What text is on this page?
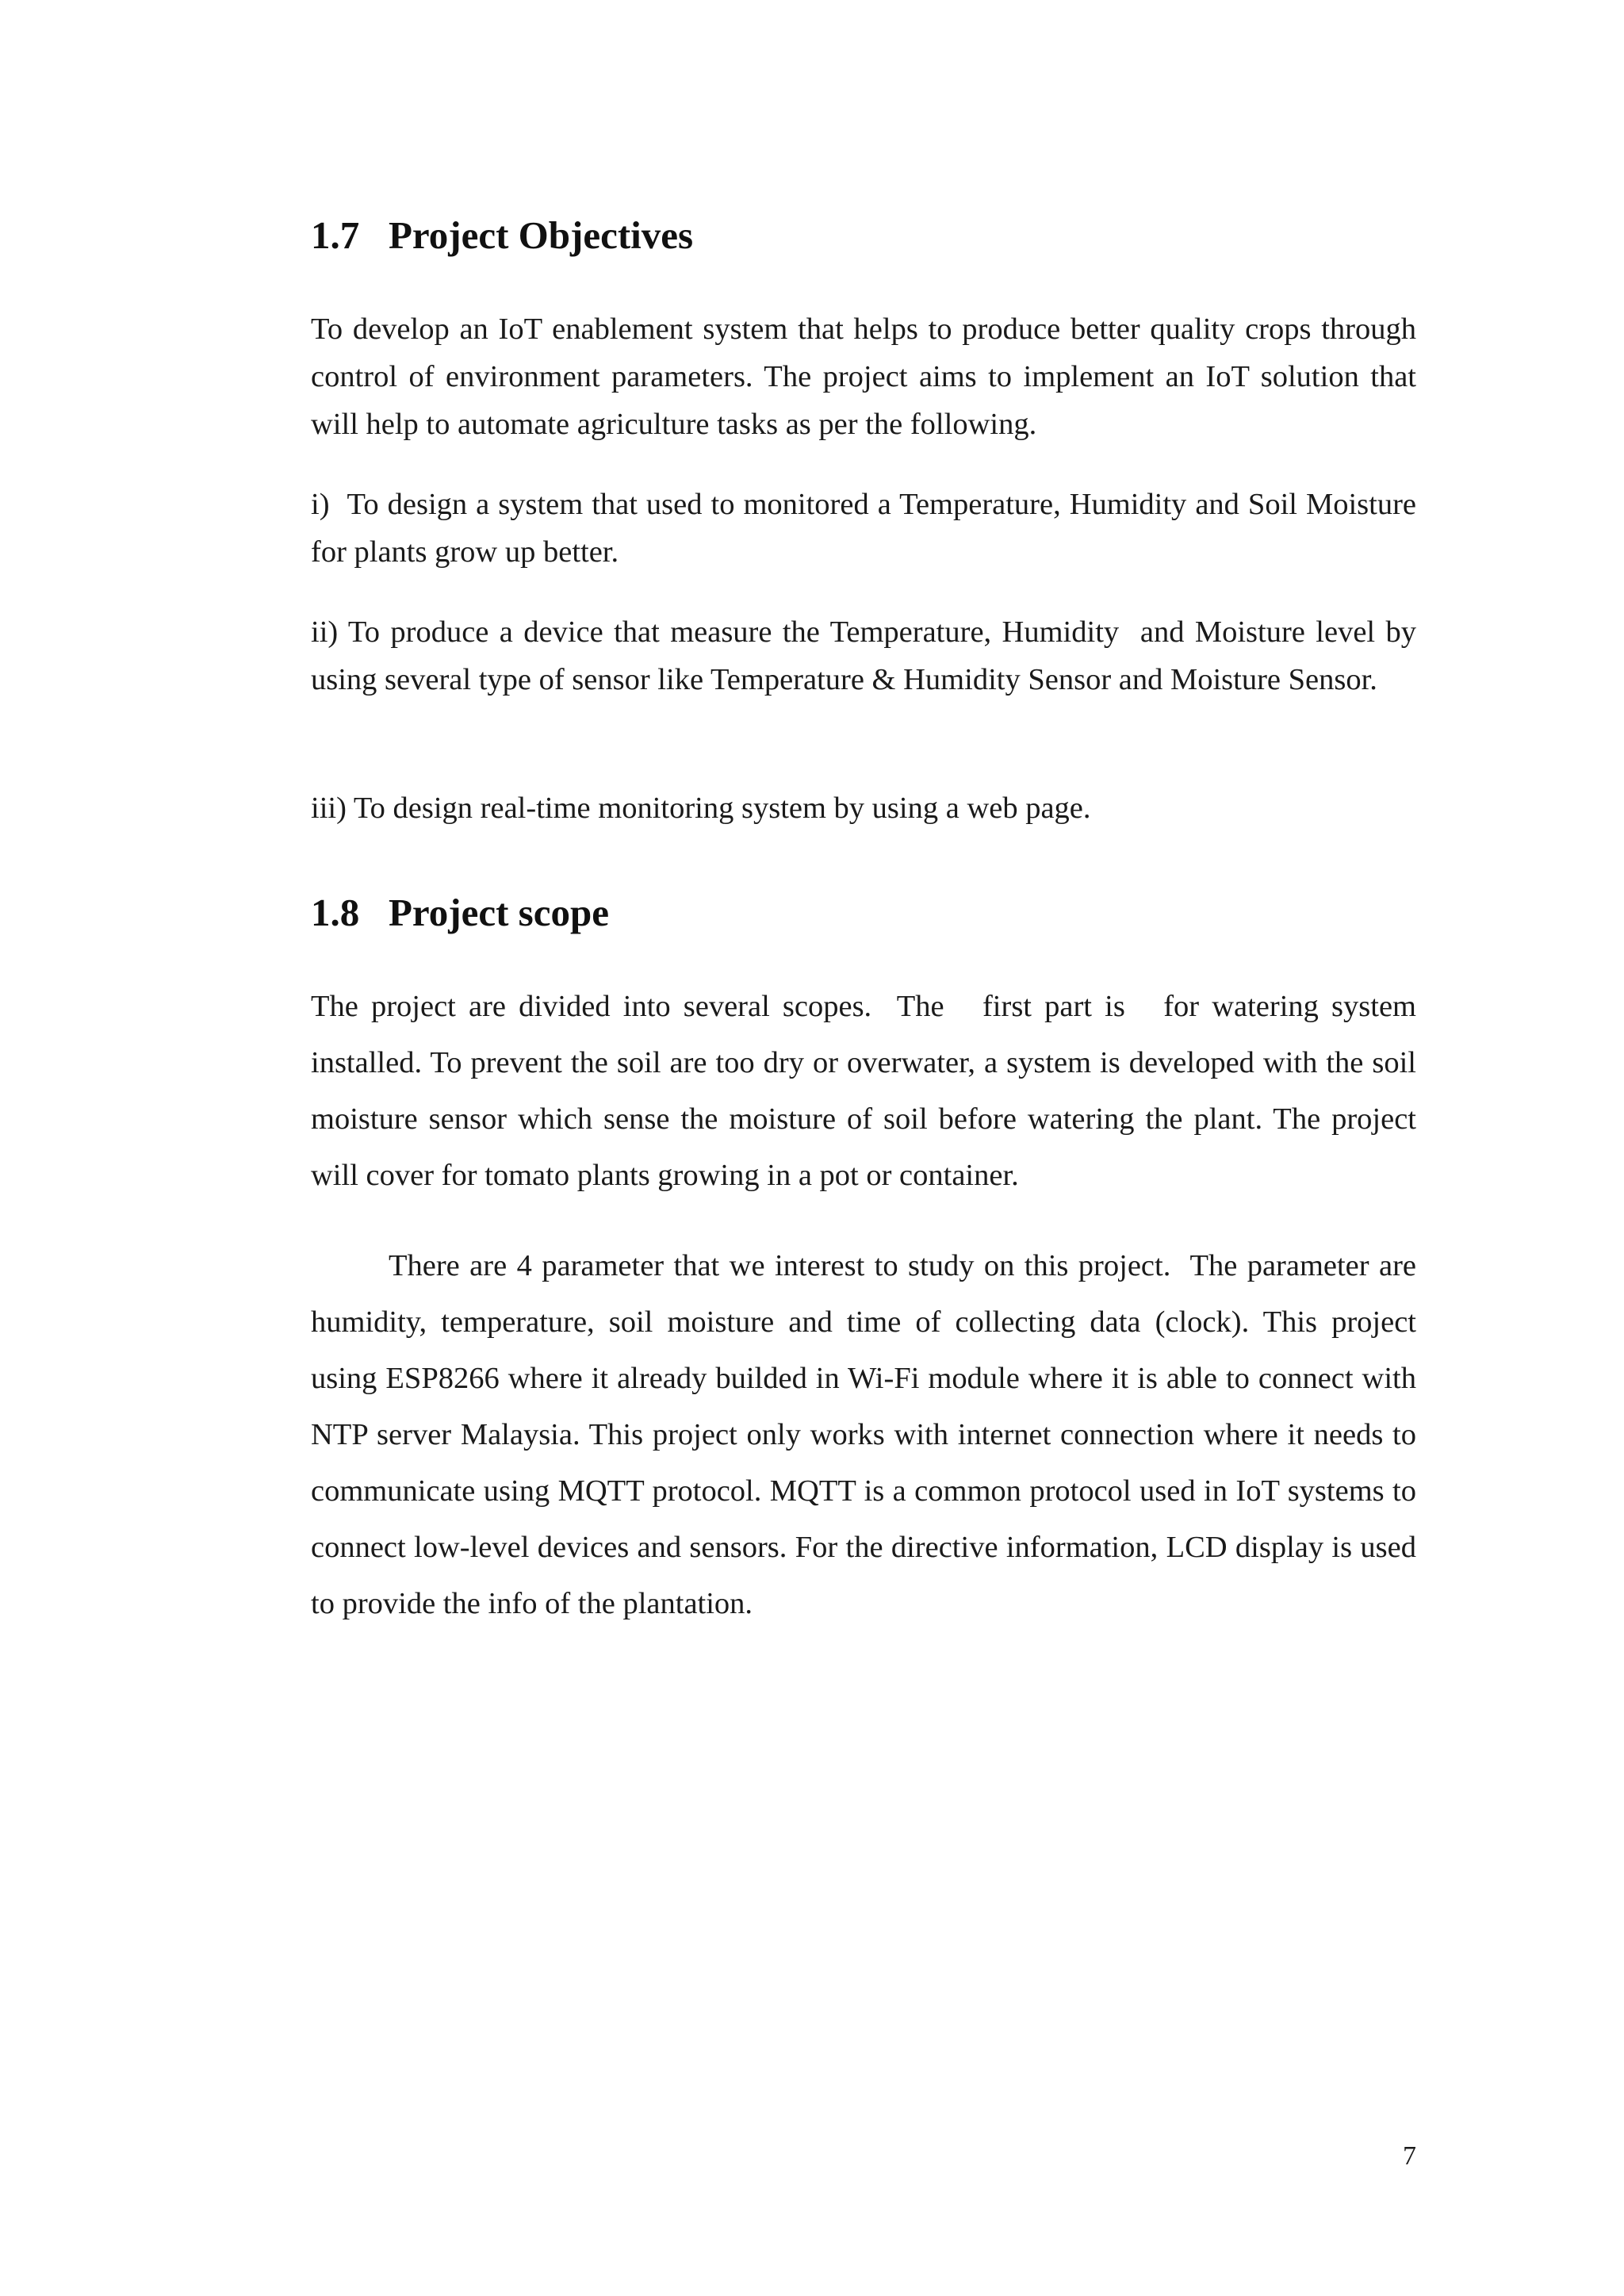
1.7 Project Objectives

To develop an IoT enablement system that helps to produce better quality crops through control of environment parameters. The project aims to implement an IoT solution that will help to automate agriculture tasks as per the following.

i)  To design a system that used to monitored a Temperature, Humidity and Soil Moisture for plants grow up better.

ii) To produce a device that measure the Temperature, Humidity  and Moisture level by using several type of sensor like Temperature & Humidity Sensor and Moisture Sensor.

iii) To design real-time monitoring system by using a web page.

1.8 Project scope

The project are divided into several scopes.  The   first part is   for watering system installed. To prevent the soil are too dry or overwater, a system is developed with the soil moisture sensor which sense the moisture of soil before watering the plant. The project will cover for tomato plants growing in a pot or container.

There are 4 parameter that we interest to study on this project.  The parameter are humidity, temperature, soil moisture and time of collecting data (clock). This project using ESP8266 where it already builded in Wi-Fi module where it is able to connect with NTP server Malaysia. This project only works with internet connection where it needs to communicate using MQTT protocol. MQTT is a common protocol used in IoT systems to connect low-level devices and sensors. For the directive information, LCD display is used to provide the info of the plantation.

7
